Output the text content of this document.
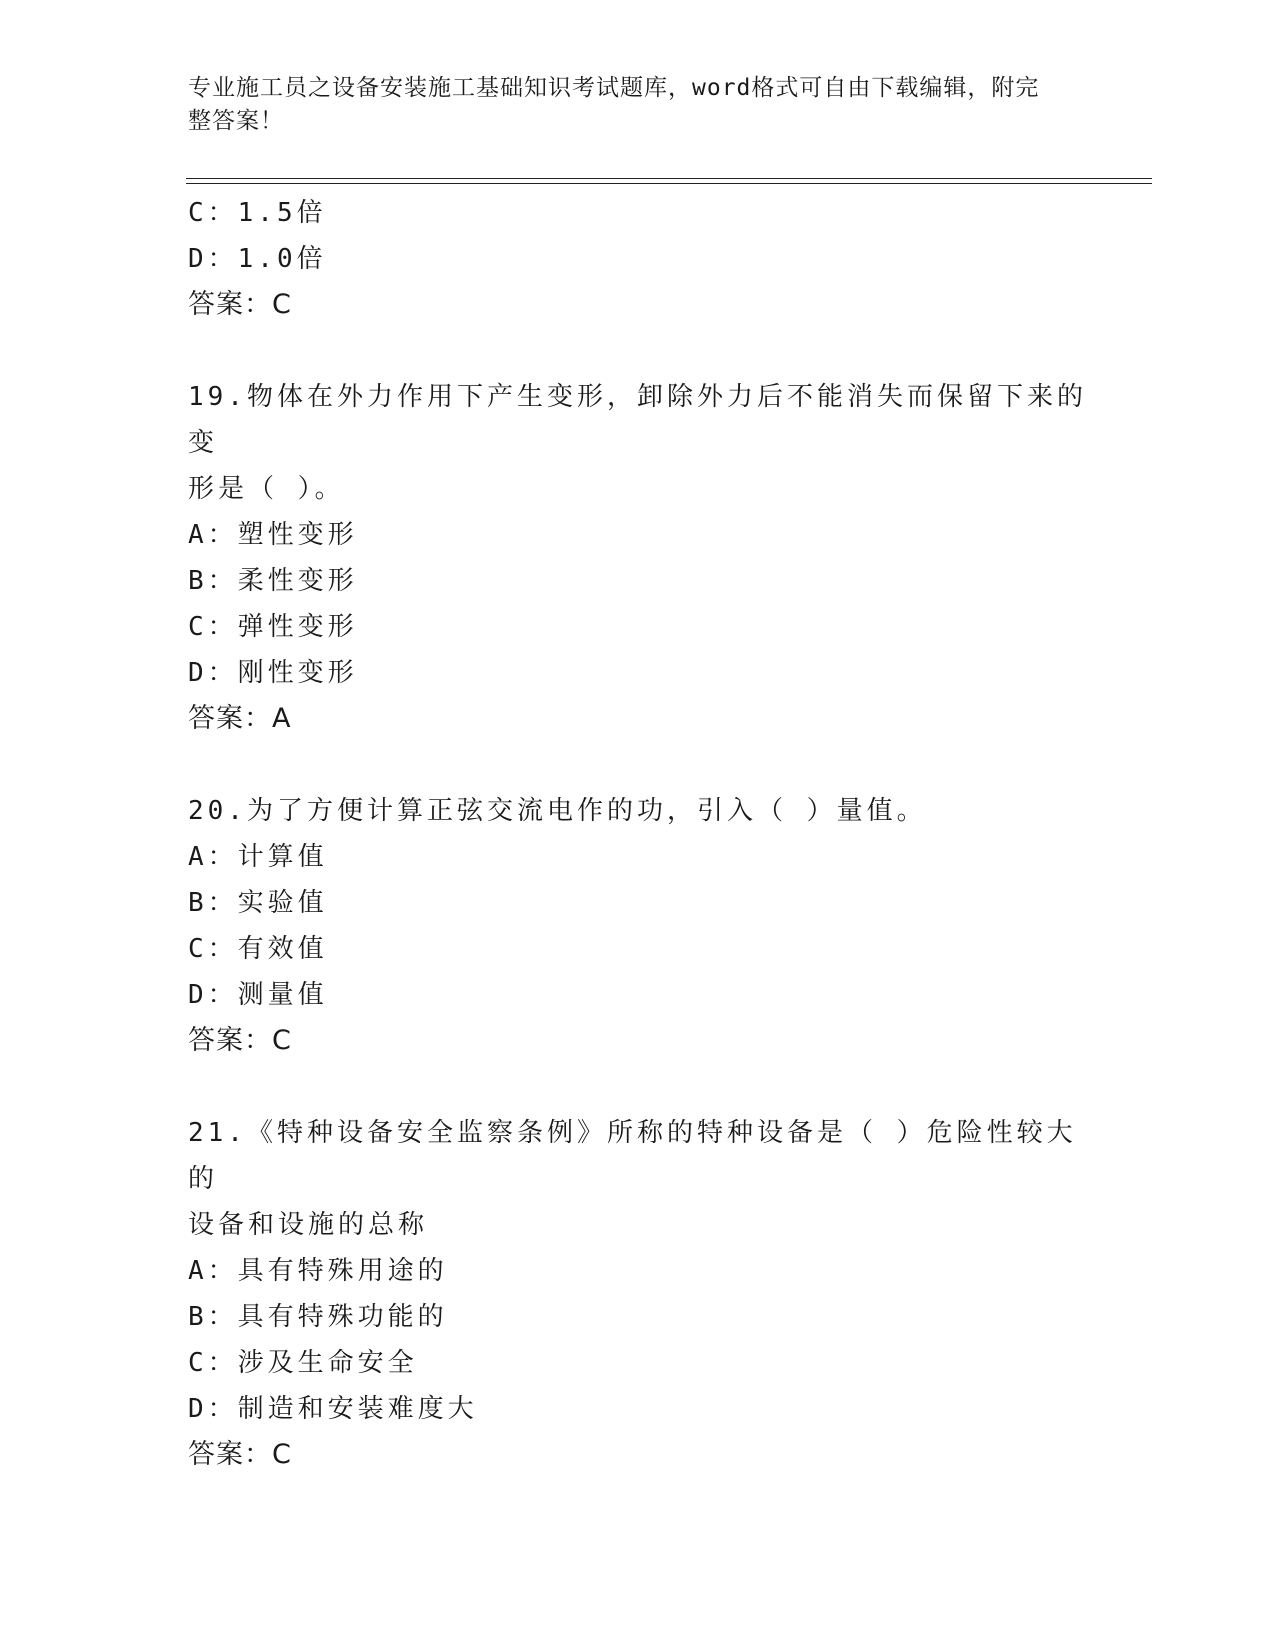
专业施工员之设备安装施工基础知识考试题库，word格式可自由下载编辑，附完
整答案！
C：1.5倍
D：1.0倍
答案：C
19.物体在外力作用下产生变形，卸除外力后不能消失而保留下来的变
形是（ ）。
A：塑性变形
B：柔性变形
C：弹性变形
D：刚性变形
答案：A
20.为了方便计算正弦交流电作的功，引入（ ）量值。
A：计算值
B：实验值
C：有效值
D：测量值
答案：C
21.《特种设备安全监察条例》所称的特种设备是（ ）危险性较大的
设备和设施的总称
A：具有特殊用途的
B：具有特殊功能的
C：涉及生命安全
D：制造和安装难度大
答案：C
